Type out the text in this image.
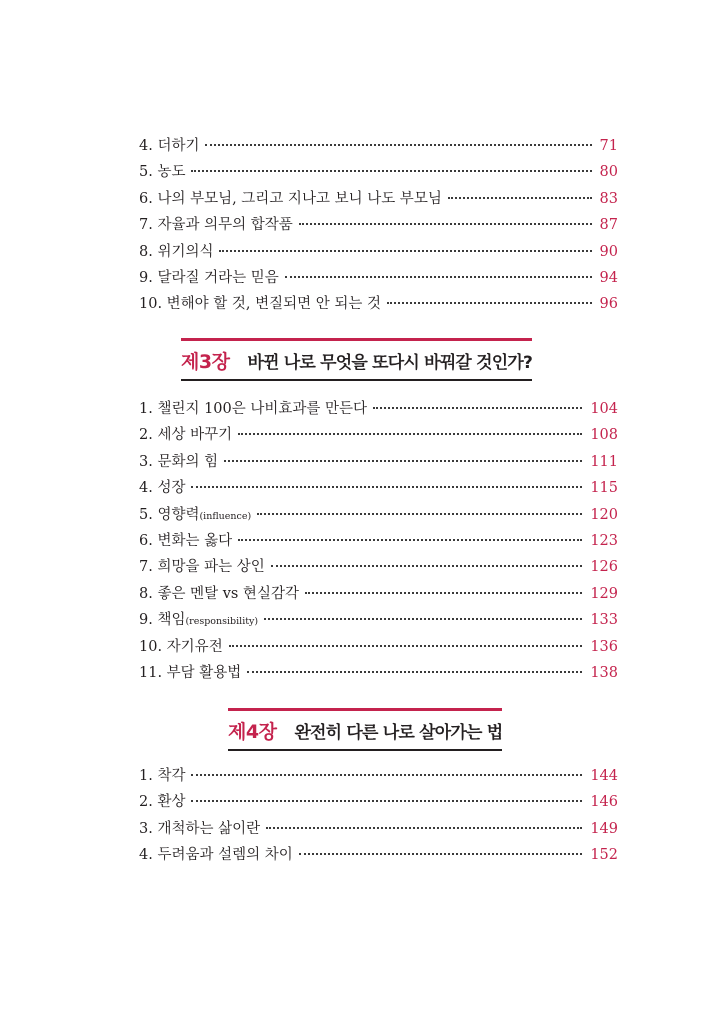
4. 더하기	71
5. 농도	80
6. 나의 부모님, 그리고 지나고 보니 나도 부모님	83
7. 자율과 의무의 합작품	87
8. 위기의식	90
9. 달라질 거라는 믿음	94
10. 변해야 할 것, 변질되면 안 되는 것	96
제3장 바뀐 나로 무엇을 또다시 바꿔갈 것인가?
1. 챌린지 100은 나비효과를 만든다	104
2. 세상 바꾸기	108
3. 문화의 힘	111
4. 성장	115
5. 영향력(influence)	120
6. 변화는 옳다	123
7. 희망을 파는 상인	126
8. 좋은 멘탈 vs 현실감각	129
9. 책임(responsibility)	133
10. 자기유전	136
11. 부담 활용법	138
제4장 완전히 다른 나로 살아가는 법
1. 착각	144
2. 환상	146
3. 개척하는 삶이란	149
4. 두려움과 설렘의 차이	152
